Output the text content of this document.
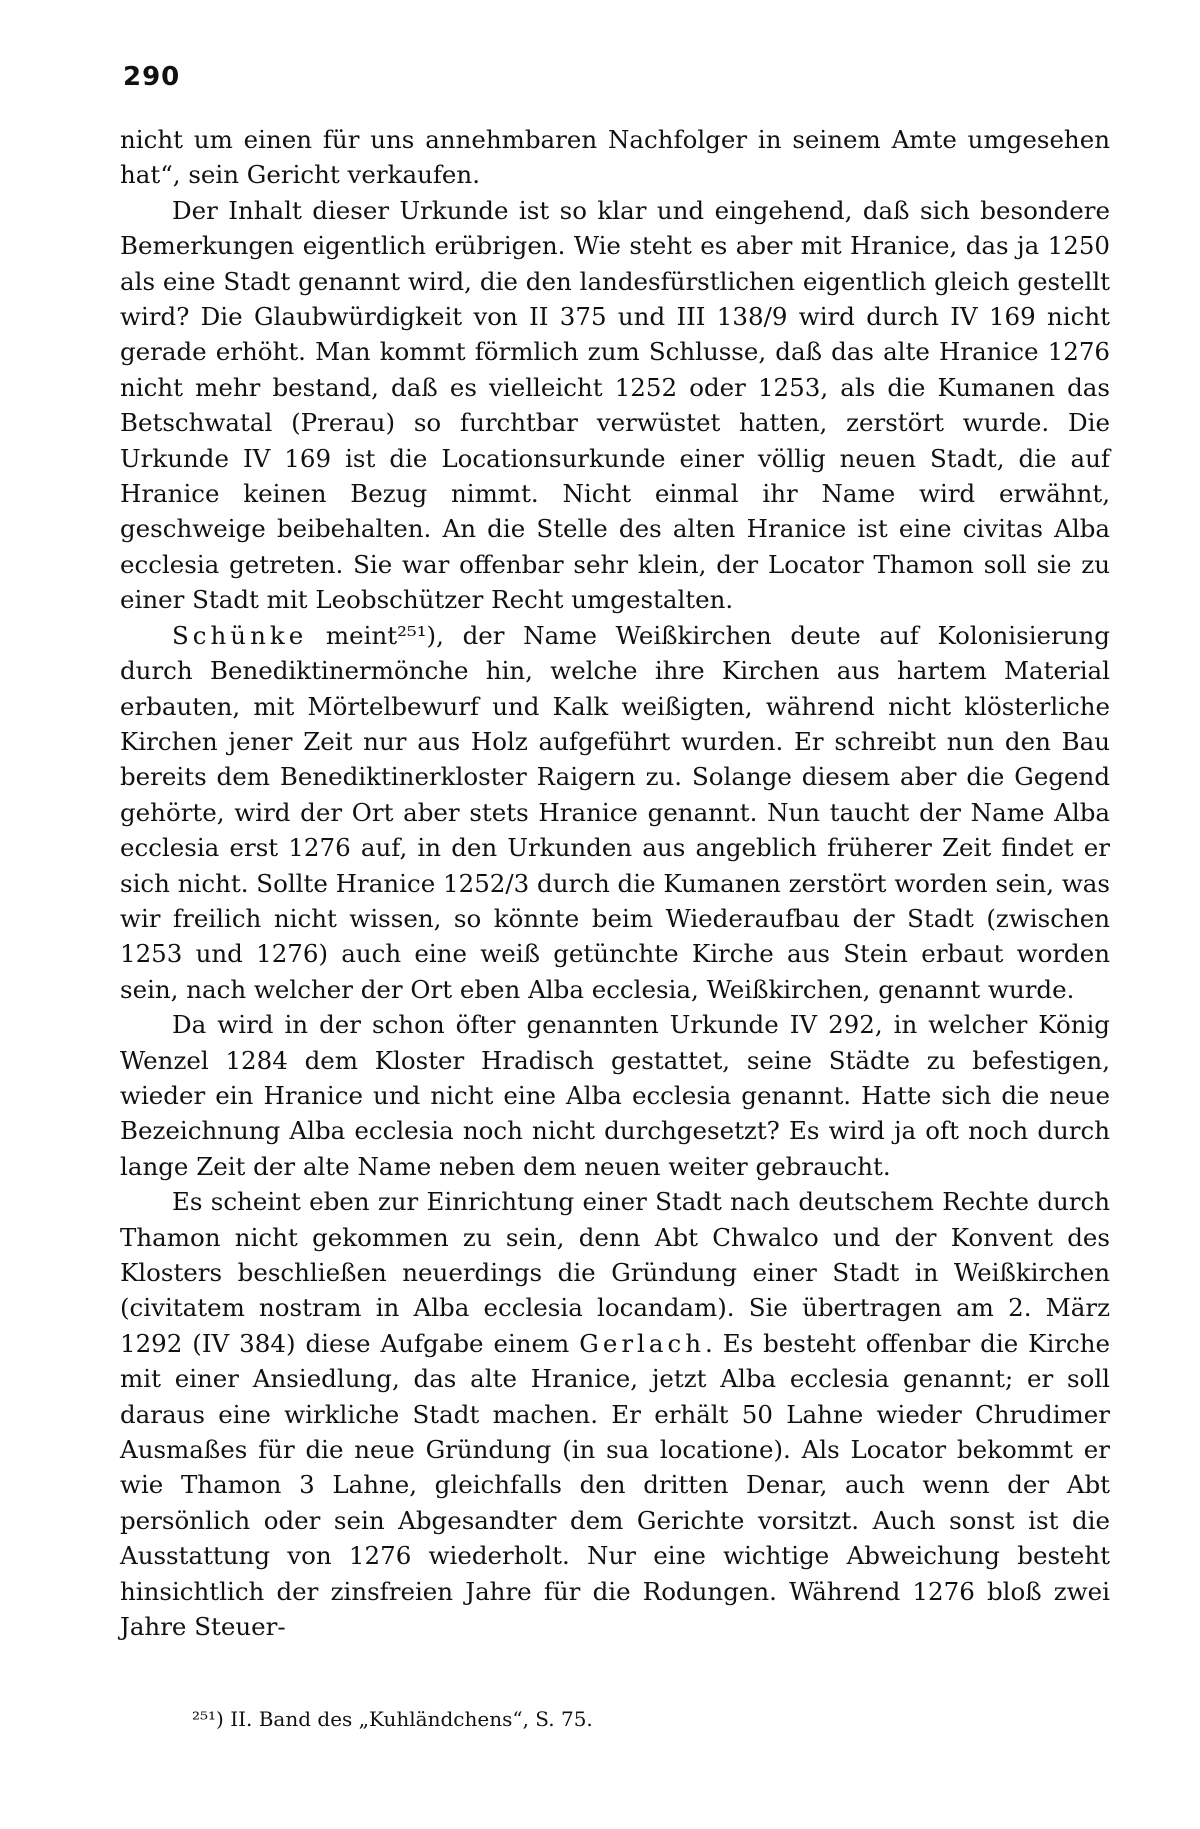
290

nicht um einen für uns annehmbaren Nachfolger in seinem Amte umgesehen hat“, sein Gericht verkaufen.

Der Inhalt dieser Urkunde ist so klar und eingehend, daß sich besondere Bemerkungen eigentlich erübrigen. Wie steht es aber mit Hranice, das ja 1250 als eine Stadt genannt wird, die den landesfürstlichen eigentlich gleich gestellt wird? Die Glaubwürdigkeit von II 375 und III 138/9 wird durch IV 169 nicht gerade erhöht. Man kommt förmlich zum Schlusse, daß das alte Hranice 1276 nicht mehr bestand, daß es vielleicht 1252 oder 1253, als die Kumanen das Betschwatal (Prerau) so furchtbar verwüstet hatten, zerstört wurde. Die Urkunde IV 169 ist die Locationsurkunde einer völlig neuen Stadt, die auf Hranice keinen Bezug nimmt. Nicht einmal ihr Name wird erwähnt, geschweige beibehalten. An die Stelle des alten Hranice ist eine civitas Alba ecclesia getreten. Sie war offenbar sehr klein, der Locator Thamon soll sie zu einer Stadt mit Leobschützer Recht umgestalten.

Schünke meint²⁵¹), der Name Weißkirchen deute auf Kolonisierung durch Benediktinermönche hin, welche ihre Kirchen aus hartem Material erbauten, mit Mörtelbewurf und Kalk weißigten, während nicht klösterliche Kirchen jener Zeit nur aus Holz aufgeführt wurden. Er schreibt nun den Bau bereits dem Benediktinerkloster Raigern zu. Solange diesem aber die Gegend gehörte, wird der Ort aber stets Hranice genannt. Nun taucht der Name Alba ecclesia erst 1276 auf, in den Urkunden aus angeblich früherer Zeit findet er sich nicht. Sollte Hranice 1252/3 durch die Kumanen zerstört worden sein, was wir freilich nicht wissen, so könnte beim Wiederaufbau der Stadt (zwischen 1253 und 1276) auch eine weiß getünchte Kirche aus Stein erbaut worden sein, nach welcher der Ort eben Alba ecclesia, Weißkirchen, genannt wurde.

Da wird in der schon öfter genannten Urkunde IV 292, in welcher König Wenzel 1284 dem Kloster Hradisch gestattet, seine Städte zu befestigen, wieder ein Hranice und nicht eine Alba ecclesia genannt. Hatte sich die neue Bezeichnung Alba ecclesia noch nicht durchgesetzt? Es wird ja oft noch durch lange Zeit der alte Name neben dem neuen weiter gebraucht.

Es scheint eben zur Einrichtung einer Stadt nach deutschem Rechte durch Thamon nicht gekommen zu sein, denn Abt Chwalco und der Konvent des Klosters beschließen neuerdings die Gründung einer Stadt in Weißkirchen (civitatem nostram in Alba ecclesia locandam). Sie übertragen am 2. März 1292 (IV 384) diese Aufgabe einem Gerlach. Es besteht offenbar die Kirche mit einer Ansiedlung, das alte Hranice, jetzt Alba ecclesia genannt; er soll daraus eine wirkliche Stadt machen. Er erhält 50 Lahne wieder Chrudimer Ausmaßes für die neue Gründung (in sua locatione). Als Locator bekommt er wie Thamon 3 Lahne, gleichfalls den dritten Denar, auch wenn der Abt persönlich oder sein Abgesandter dem Gerichte vorsitzt. Auch sonst ist die Ausstattung von 1276 wiederholt. Nur eine wichtige Abweichung besteht hinsichtlich der zinsfreien Jahre für die Rodungen. Während 1276 bloß zwei Jahre Steuer-

²⁵¹) II. Band des „Kuhländchens“, S. 75.
